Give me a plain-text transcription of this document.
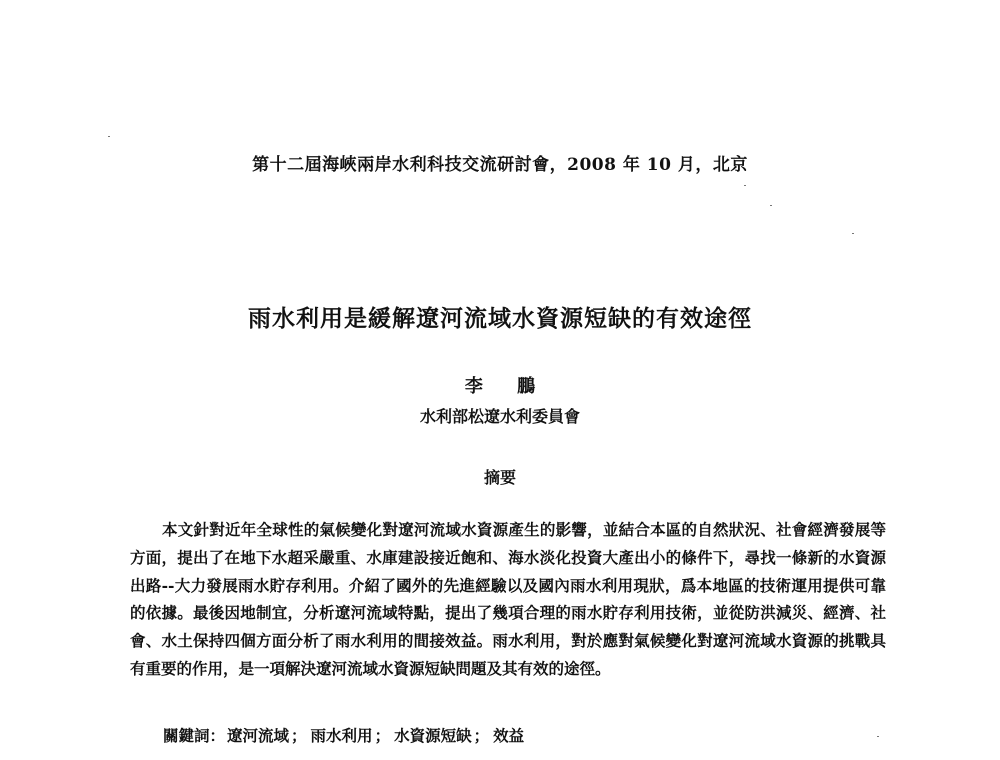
第十二屆海峽兩岸水利科技交流研討會，2008 年 10 月，北京
雨水利用是緩解遼河流域水資源短缺的有效途徑
李 鵬
水利部松遼水利委員會
摘要

本文針對近年全球性的氣候變化對遼河流域水資源產生的影響，並結合本區的自然狀況、社會經濟發展等方面，提出了在地下水超采嚴重、水庫建設接近飽和、海水淡化投資大產出小的條件下，尋找一條新的水資源出路--大力發展雨水貯存利用。介紹了國外的先進經驗以及國內雨水利用現狀，爲本地區的技術運用提供可靠的依據。最後因地制宜，分析遼河流域特點，提出了幾項合理的雨水貯存利用技術，並從防洪減災、經濟、社會、水土保持四個方面分析了雨水利用的間接效益。雨水利用，對於應對氣候變化對遼河流域水資源的挑戰具有重要的作用，是一項解決遼河流域水資源短缺問題及其有效的途徑。

關鍵詞： 遼河流域 ； 雨水利用 ； 水資源短缺 ； 效益
